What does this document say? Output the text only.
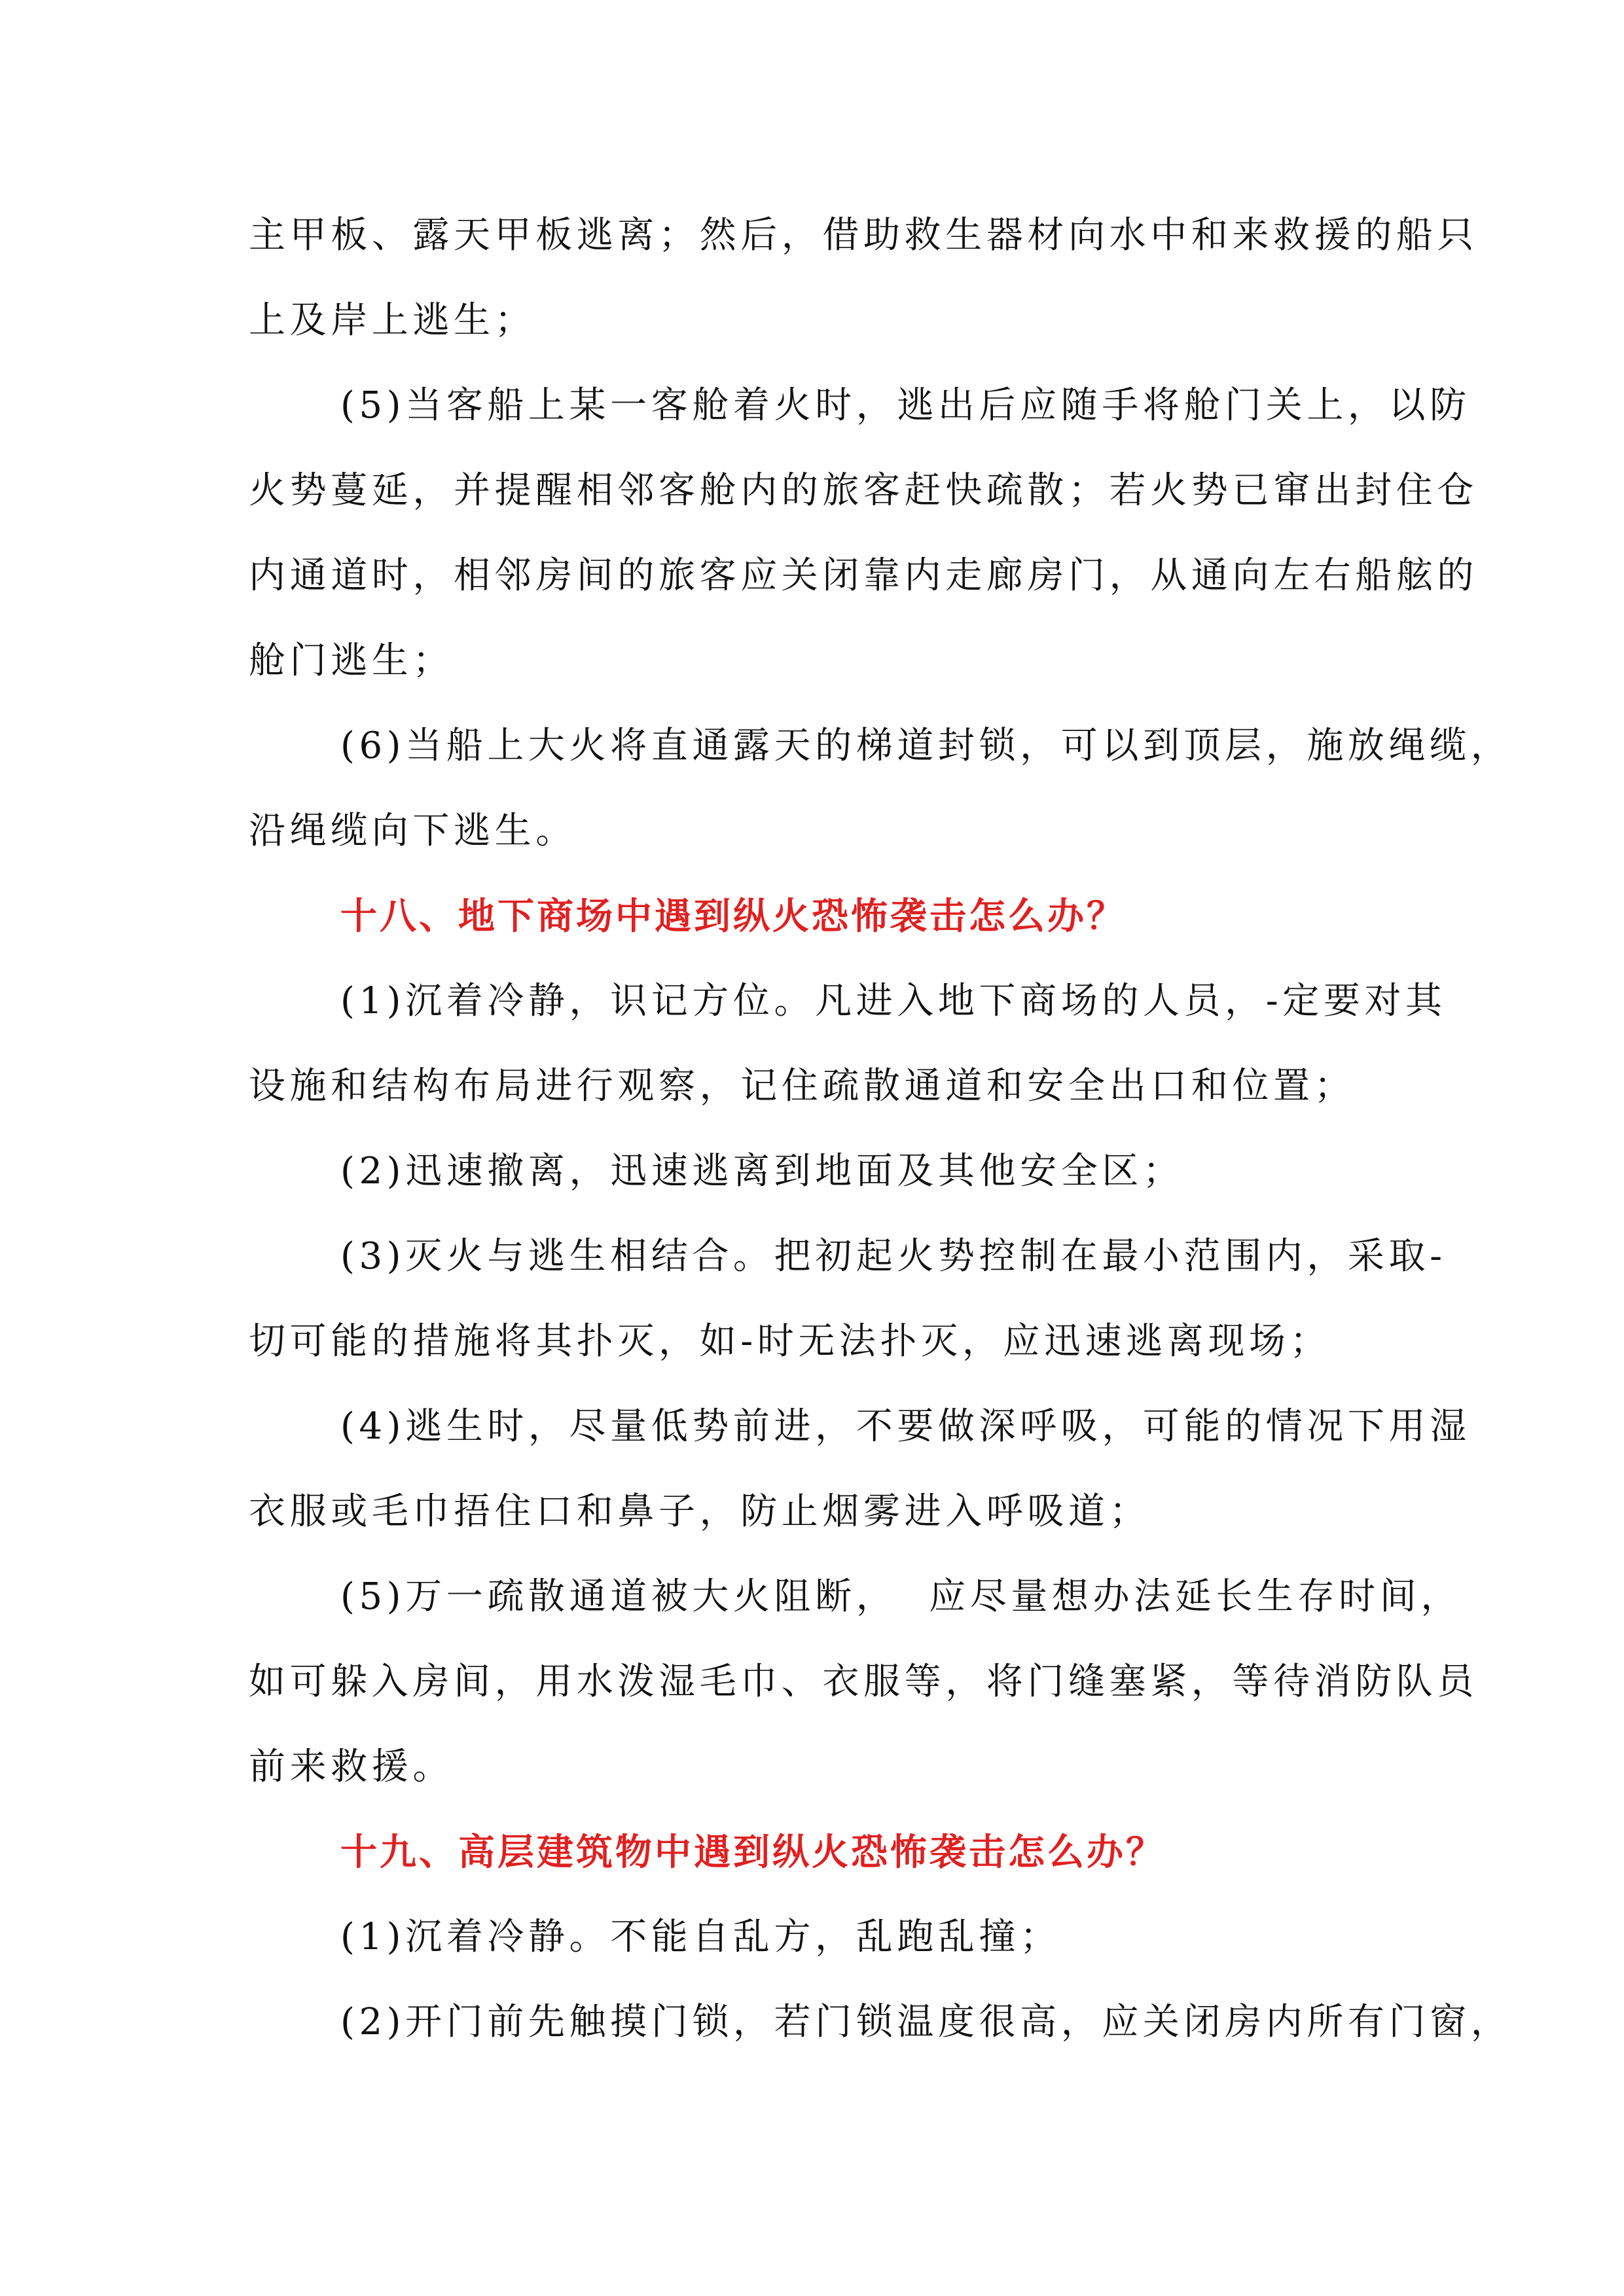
主甲板、露天甲板逃离；然后，借助救生器材向水中和来救援的船只
上及岸上逃生；
(5)当客船上某一客舱着火时，逃出后应随手将舱门关上，以防
火势蔓延，并提醒相邻客舱内的旅客赶快疏散；若火势已窜出封住仓
内通道时，相邻房间的旅客应关闭靠内走廊房门，从通向左右船舷的
舱门逃生；
(6)当船上大火将直通露天的梯道封锁，可以到顶层，施放绳缆，
沿绳缆向下逃生。
十八、地下商场中遇到纵火恐怖袭击怎么办？
(1)沉着冷静，识记方位。凡进入地下商场的人员，-定要对其
设施和结构布局进行观察，记住疏散通道和安全出口和位置；
(2)迅速撤离，迅速逃离到地面及其他安全区；
(3)灭火与逃生相结合。把初起火势控制在最小范围内，采取-
切可能的措施将其扑灭，如-时无法扑灭，应迅速逃离现场；
(4)逃生时，尽量低势前进，不要做深呼吸，可能的情况下用湿
衣服或毛巾捂住口和鼻子，防止烟雾进入呼吸道；
(5)万一疏散通道被大火阻断，  应尽量想办法延长生存时间，
如可躲入房间，用水泼湿毛巾、衣服等，将门缝塞紧，等待消防队员
前来救援。
十九、高层建筑物中遇到纵火恐怖袭击怎么办？
(1)沉着冷静。不能自乱方，乱跑乱撞；
(2)开门前先触摸门锁，若门锁温度很高，应关闭房内所有门窗，
